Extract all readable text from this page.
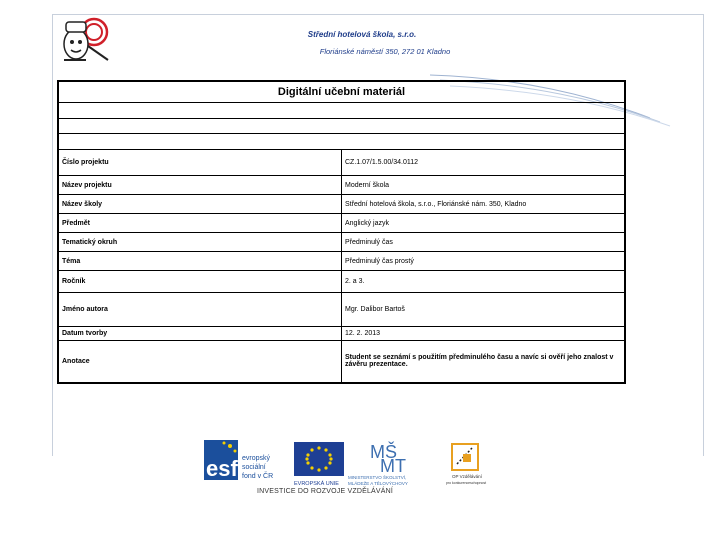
Střední hotelová škola, s.r.o.
Floriánské náměstí 350, 272 01 Kladno
Digitální učební materiál	

Číslo projektu	CZ.1.07/1.5.00/34.0112
Název projektu	Moderní škola
Název školy	Střední hotelová škola, s.r.o., Floriánské nám. 350, Kladno
Předmět	Anglický jazyk
Tematický okruh	Předminulý čas
Téma	Předminulý čas prostý
Ročník	2. a 3.
Jméno autora	Mgr. Dalibor Bartoš
Datum tvorby	12. 2. 2013
Anotace	Student se seznámí s použitím předminulého času a navíc si ověří jeho znalost v závěru prezentace.
esf evropský
sociální
fond v ČR
EVROPSKÁ UNIE
MŠ
MT
MINISTERSTVO ŠKOLSTVÍ,
MLÁDEŽE A TĚLOVÝCHOVY
OP Vzdělávání
pro konkurenceschopnost
INVESTICE DO ROZVOJE VZDĚLÁVÁNÍ
